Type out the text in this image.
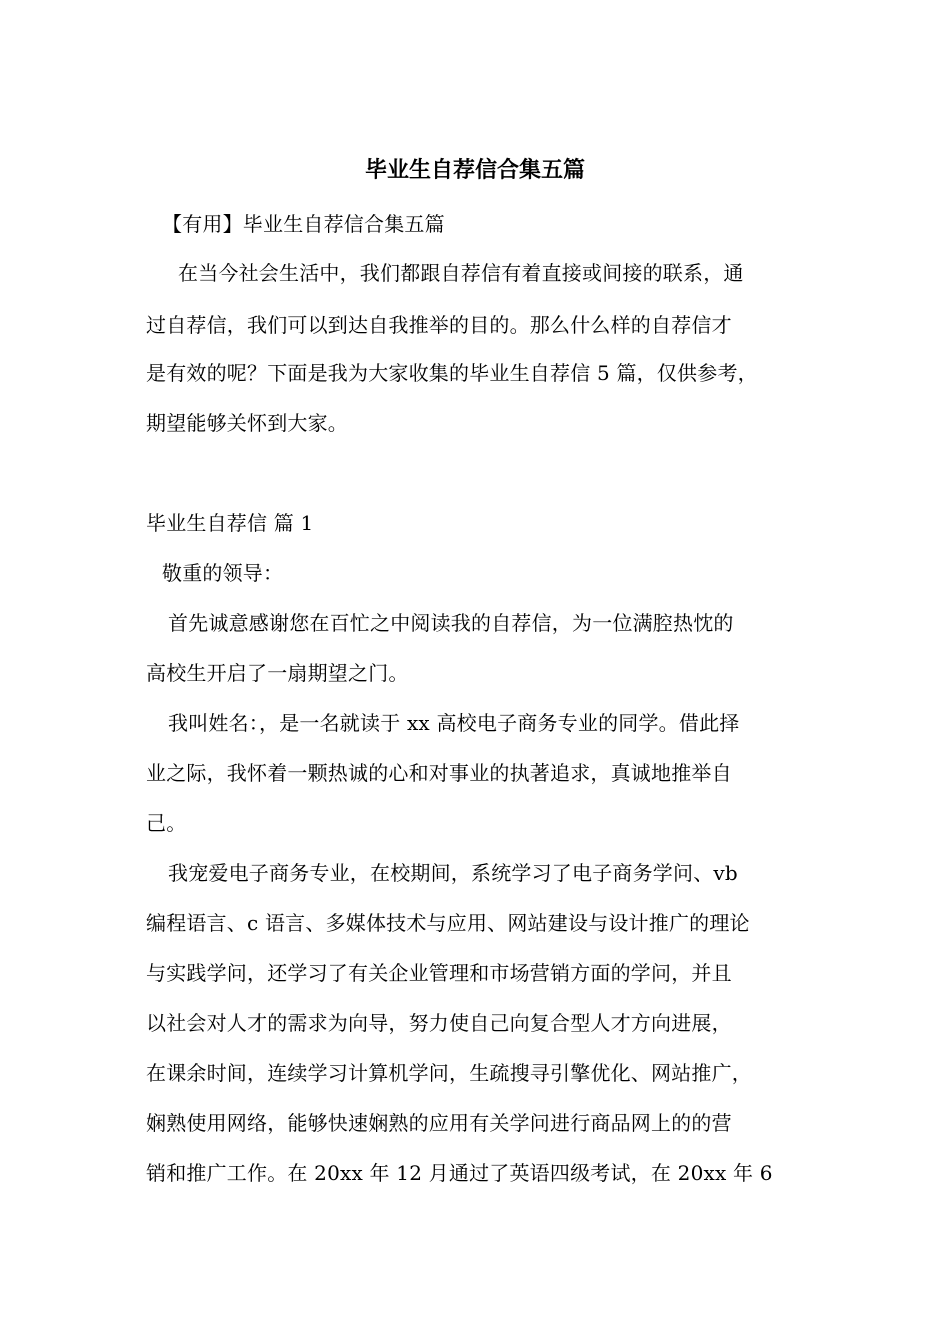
毕业生自荐信合集五篇
【有用】毕业生自荐信合集五篇
在当今社会生活中，我们都跟自荐信有着直接或间接的联系，通
过自荐信，我们可以到达自我推举的目的。那么什么样的自荐信才
是有效的呢？下面是我为大家收集的毕业生自荐信 5 篇，仅供参考，
期望能够关怀到大家。
毕业生自荐信 篇 1
敬重的领导：
首先诚意感谢您在百忙之中阅读我的自荐信，为一位满腔热忱的
高校生开启了一扇期望之门。
我叫姓名：，是一名就读于 xx 高校电子商务专业的同学。借此择
业之际，我怀着一颗热诚的心和对事业的执著追求，真诚地推举自
己。
我宠爱电子商务专业，在校期间，系统学习了电子商务学问、vb
编程语言、c 语言、多媒体技术与应用、网站建设与设计推广的理论
与实践学问，还学习了有关企业管理和市场营销方面的学问，并且
以社会对人才的需求为向导，努力使自己向复合型人才方向进展，
在课余时间，连续学习计算机学问，生疏搜寻引擎优化、网站推广，
娴熟使用网络，能够快速娴熟的应用有关学问进行商品网上的的营
销和推广工作。在 20xx 年 12 月通过了英语四级考试，在 20xx 年 6
